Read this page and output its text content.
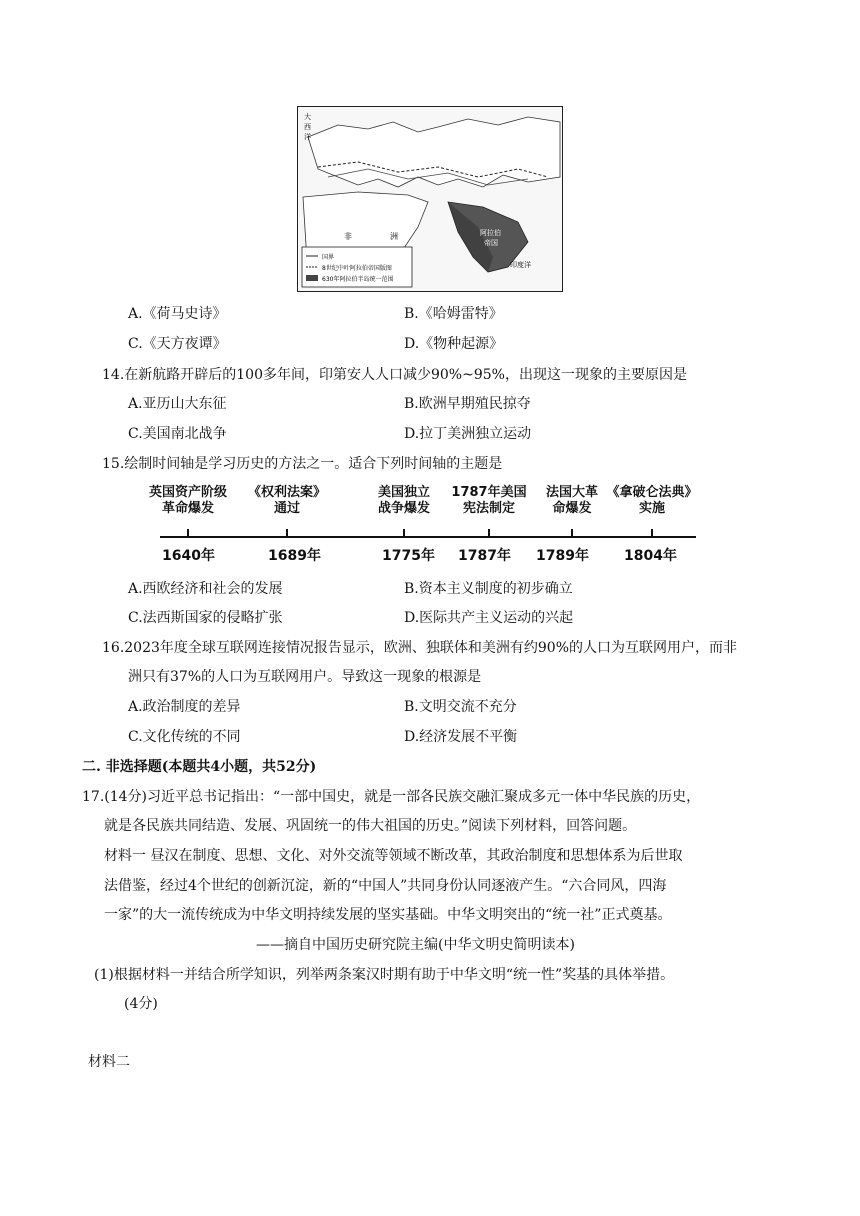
国界
8世纪中叶阿拉伯帝国版图
630年阿拉伯半岛统一范围
大
西
洋
非	洲	阿拉伯
帝国
印度洋
A.《荷马史诗》	B.《哈姆雷特》
C.《天方夜谭》	D.《物种起源》
14.在新航路开辟后的100多年间，印第安人人口减少90%~95%，出现这一现象的主要原因是
A.亚历山大东征	B.欧洲早期殖民掠夺
C.美国南北战争	D.拉丁美洲独立运动
15.绘制时间轴是学习历史的方法之一。适合下列时间轴的主题是
英国资产阶级
革命爆发
《权利法案》
通过
美国独立
战争爆发
1787年美国
宪法制定
法国大革
命爆发
《拿破仑法典》
实施
1640年	1689年	1775年 1787年 1789年	1804年
A.西欧经济和社会的发展	B.资本主义制度的初步确立
C.法西斯国家的侵略扩张	D.医际共产主义运动的兴起
16.2023年度全球互联网连接情况报告显示，欧洲、独联体和美洲有约90%的人口为互联网用户，而非
洲只有37%的人口为互联网用户。导致这一现象的根源是
A.政治制度的差异	B.文明交流不充分
C.文化传统的不同	D.经济发展不平衡
二. 非选择题(本题共4小题，共52分)
17.(14分)习近平总书记指出：“一部中国史，就是一部各民族交融汇聚成多元一体中华民族的历史，
就是各民族共同结造、发展、巩固统一的伟大祖国的历史。”阅读下列材料，回答问题。
材料一 昼汉在制度、思想、文化、对外交流等领域不断改革，其政治制度和思想体系为后世取
法借鉴，经过4个世纪的创新沉淀，新的“中国人”共同身份认同逐液产生。“六合同风，四海
一家”的大一流传统成为中华文明持续发展的坚实基础。中华文明突出的“统一社”正式奠基。
——摘自中国历史研究院主编(中华文明史简明读本)
(1)根据材料一并结合所学知识，列举两条案汉时期有助于中华文明“统一性”奖基的具体举措。
(4分)
材料二
